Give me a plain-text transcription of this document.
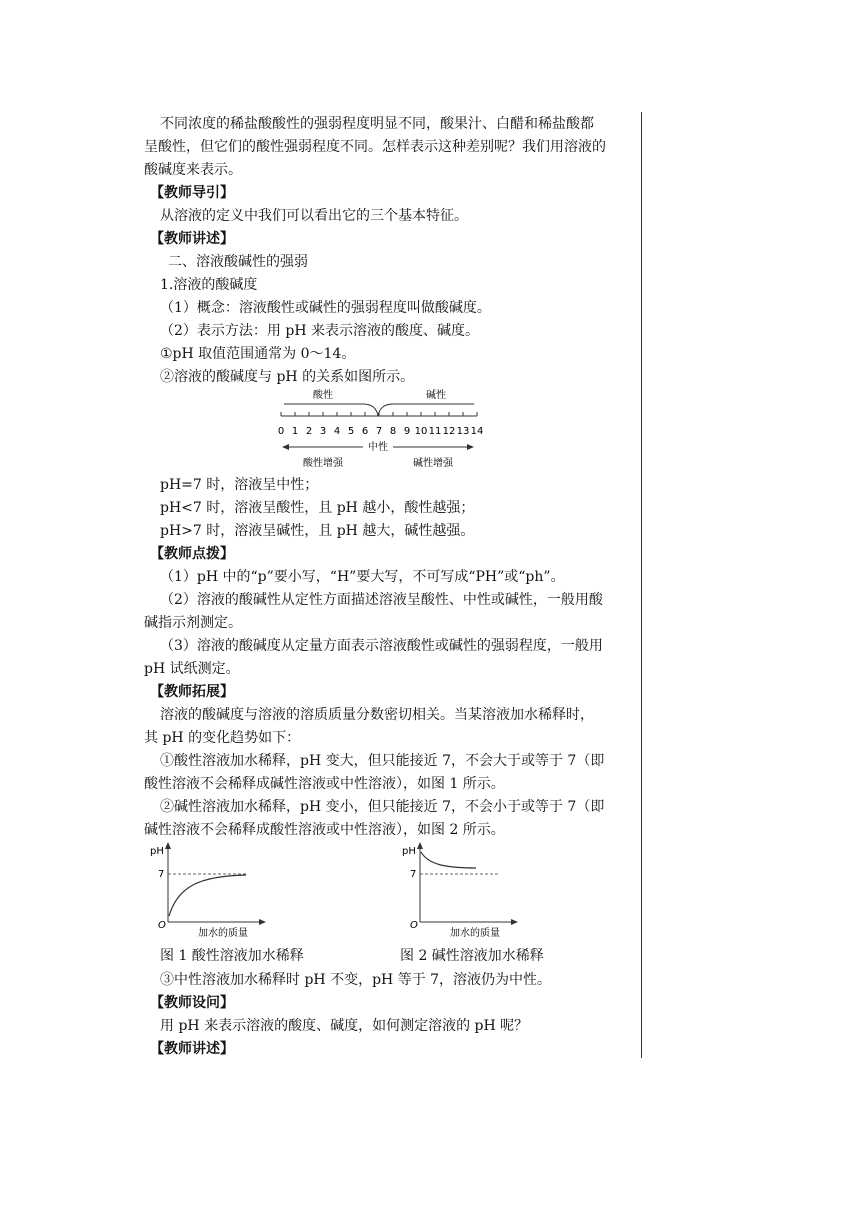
不同浓度的稀盐酸酸性的强弱程度明显不同，酸果汁、白醋和稀盐酸都
呈酸性，但它们的酸性强弱程度不同。怎样表示这种差别呢？我们用溶液的
酸碱度来表示。
【教师导引】
从溶液的定义中我们可以看出它的三个基本特征。
【教师讲述】
二、溶液酸碱性的强弱
1.溶液的酸碱度
（1）概念：溶液酸性或碱性的强弱程度叫做酸碱度。
（2）表示方法：用 pH 来表示溶液的酸度、碱度。
①pH 取值范围通常为 0～14。
②溶液的酸碱度与 pH 的关系如图所示。
酸性	碱性
0 1 2 3 4 5 6 7 8 9 10 11 12 13 14
中性
酸性增强	碱性增强
pH=7 时，溶液呈中性；
pH<7 时，溶液呈酸性，且 pH 越小，酸性越强；
pH>7 时，溶液呈碱性，且 pH 越大，碱性越强。
【教师点拨】
（1）pH 中的“p”要小写，“H”要大写，不可写成“PH”或“ph”。
（2）溶液的酸碱性从定性方面描述溶液呈酸性、中性或碱性，一般用酸
碱指示剂测定。
（3）溶液的酸碱度从定量方面表示溶液酸性或碱性的强弱程度，一般用
pH 试纸测定。
【教师拓展】
溶液的酸碱度与溶液的溶质质量分数密切相关。当某溶液加水稀释时，
其 pH 的变化趋势如下：
①酸性溶液加水稀释，pH 变大，但只能接近 7，不会大于或等于 7（即
酸性溶液不会稀释成碱性溶液或中性溶液），如图 1 所示。
②碱性溶液加水稀释，pH 变小，但只能接近 7，不会小于或等于 7（即
碱性溶液不会稀释成酸性溶液或中性溶液），如图 2 所示。
pH
7
O
加水的质量
图 1 酸性溶液加水稀释
pH
7
O
加水的质量
图 2 碱性溶液加水稀释
③中性溶液加水稀释时 pH 不变，pH 等于 7，溶液仍为中性。
【教师设问】
用 pH 来表示溶液的酸度、碱度，如何测定溶液的 pH 呢？
【教师讲述】
